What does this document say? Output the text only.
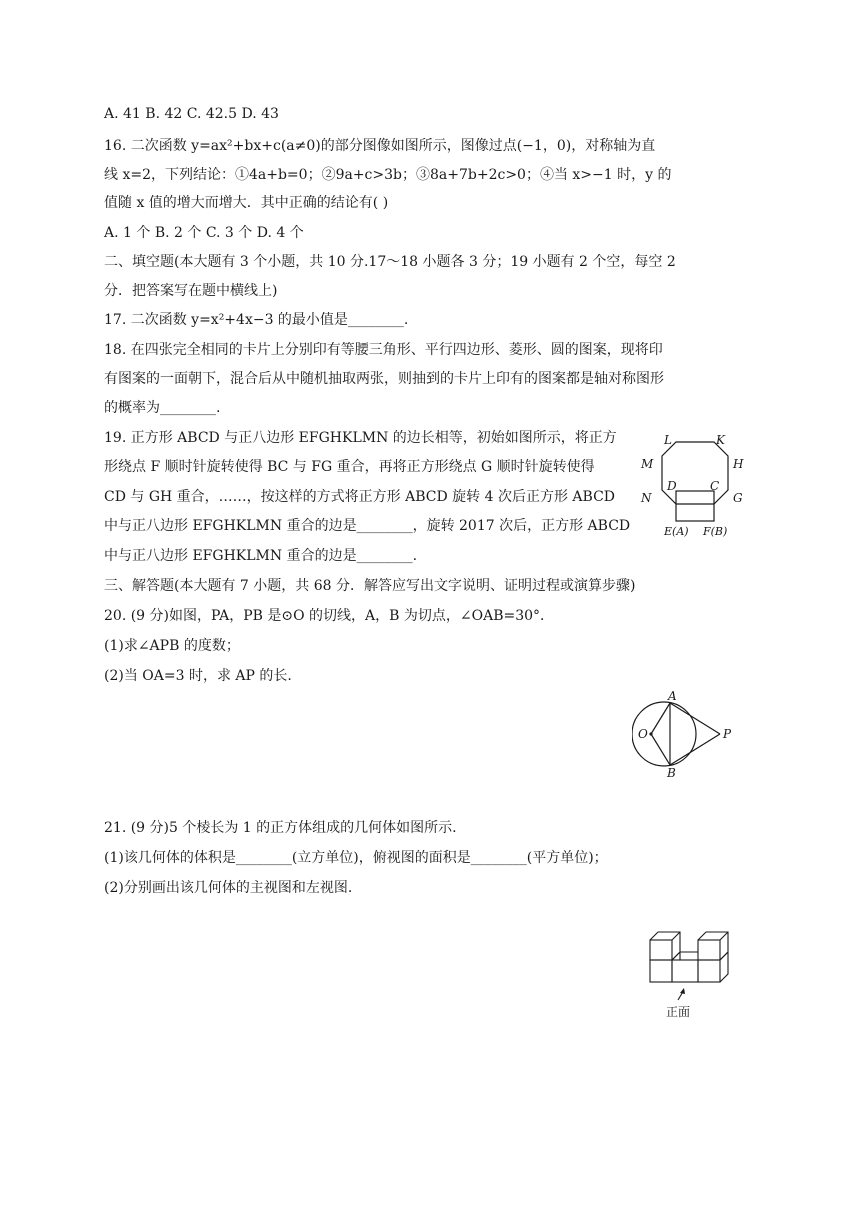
A. 41 B. 42 C. 42.5 D. 43
16. 二次函数 y=ax²+bx+c(a≠0)的部分图像如图所示，图像过点(−1，0)，对称轴为直
线 x=2，下列结论：①4a+b=0；②9a+c>3b；③8a+7b+2c>0；④当 x>−1 时，y 的
值随 x 值的增大而增大．其中正确的结论有( )
A. 1 个 B. 2 个 C. 3 个 D. 4 个
二、填空题(本大题有 3 个小题，共 10 分.17～18 小题各 3 分；19 小题有 2 个空，每空 2
分．把答案写在题中横线上)
17. 二次函数 y=x²+4x−3 的最小值是________.
18. 在四张完全相同的卡片上分别印有等腰三角形、平行四边形、菱形、圆的图案，现将印
有图案的一面朝下，混合后从中随机抽取两张，则抽到的卡片上印有的图案都是轴对称图形
的概率为________.
19. 正方形 ABCD 与正八边形 EFGHKLMN 的边长相等，初始如图所示，将正方
形绕点 F 顺时针旋转使得 BC 与 FG 重合，再将正方形绕点 G 顺时针旋转使得
CD 与 GH 重合，……，按这样的方式将正方形 ABCD 旋转 4 次后正方形 ABCD
中与正八边形 EFGHKLMN 重合的边是________，旋转 2017 次后，正方形 ABCD
中与正八边形 EFGHKLMN 重合的边是________.
三、解答题(本大题有 7 小题，共 68 分．解答应写出文字说明、证明过程或演算步骤)
20. (9 分)如图，PA，PB 是⊙O 的切线，A，B 为切点，∠OAB=30°．
(1)求∠APB 的度数；
(2)当 OA=3 时，求 AP 的长.
21. (9 分)5 个棱长为 1 的正方体组成的几何体如图所示.
(1)该几何体的体积是________(立方单位)，俯视图的面积是________(平方单位)；
(2)分别画出该几何体的主视图和左视图.
L	K
M	H
N	G
D	C
E(A) F(B)
A
O	P
B
正面
